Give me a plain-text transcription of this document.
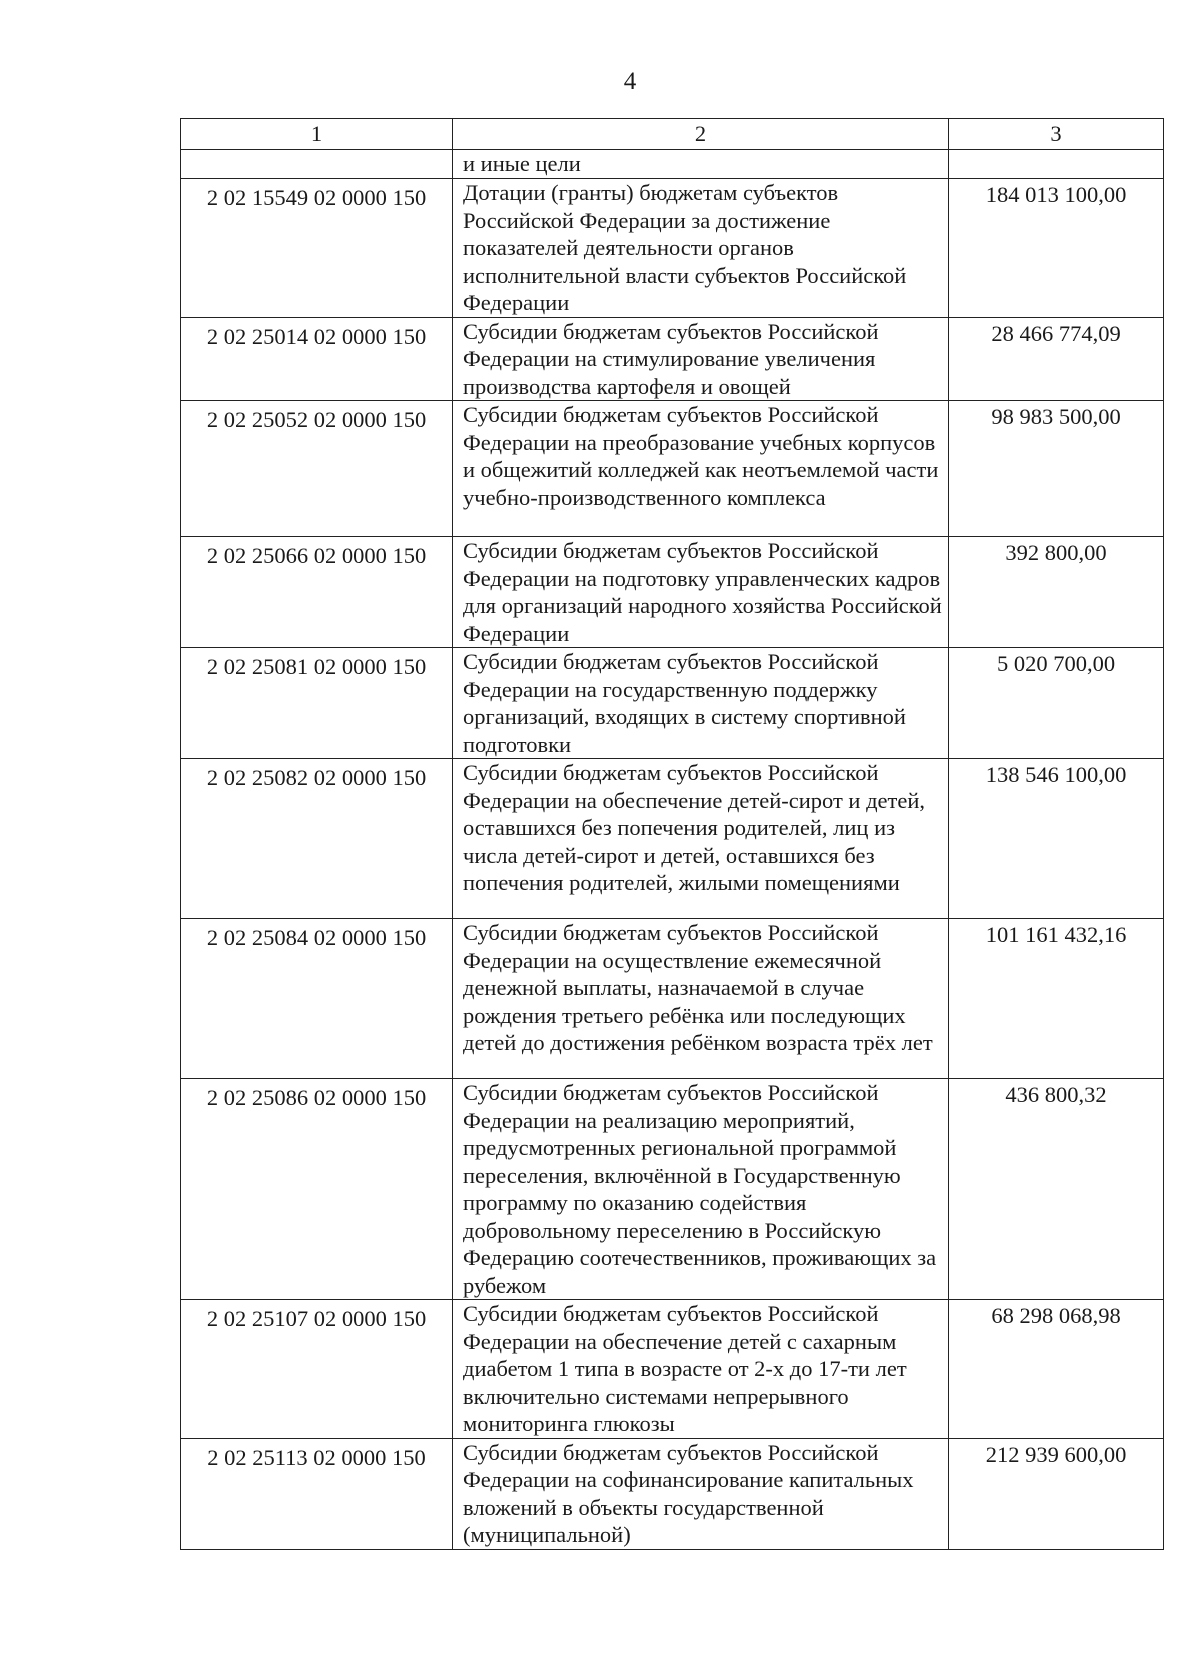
4
1	2	3
	и иные цели	
2 02 15549 02 0000 150	Дотации (гранты) бюджетам субъектов Российской Федерации за достижение показателей деятельности органов исполнительной власти субъектов Российской Федерации	184 013 100,00
2 02 25014 02 0000 150	Субсидии бюджетам субъектов Российской Федерации на стимулирование увеличения производства картофеля и овощей	28 466 774,09
2 02 25052 02 0000 150	Субсидии бюджетам субъектов Российской Федерации на преобразование учебных корпусов и общежитий колледжей как неотъемлемой части учебно-производственного комплекса	98 983 500,00
2 02 25066 02 0000 150	Субсидии бюджетам субъектов Российской Федерации на подготовку управленческих кадров для организаций народного хозяйства Российской Федерации	392 800,00
2 02 25081 02 0000 150	Субсидии бюджетам субъектов Российской Федерации на государственную поддержку организаций, входящих в систему спортивной подготовки	5 020 700,00
2 02 25082 02 0000 150	Субсидии бюджетам субъектов Российской Федерации на обеспечение детей-сирот и детей, оставшихся без попечения родителей, лиц из числа детей-сирот и детей, оставшихся без попечения родителей, жилыми помещениями	138 546 100,00
2 02 25084 02 0000 150	Субсидии бюджетам субъектов Российской Федерации на осуществление ежемесячной денежной выплаты, назначаемой в случае рождения третьего ребёнка или последующих детей до достижения ребёнком возраста трёх лет	101 161 432,16
2 02 25086 02 0000 150	Субсидии бюджетам субъектов Российской Федерации на реализацию мероприятий, предусмотренных региональной программой переселения, включённой в Государственную программу по оказанию содействия добровольному переселению в Российскую Федерацию соотечественников, проживающих за рубежом	436 800,32
2 02 25107 02 0000 150	Субсидии бюджетам субъектов Российской Федерации на обеспечение детей с сахарным диабетом 1 типа в возрасте от 2-х до 17-ти лет включительно системами непрерывного мониторинга глюкозы	68 298 068,98
2 02 25113 02 0000 150	Субсидии бюджетам субъектов Российской Федерации на софинансирование капитальных вложений в объекты государственной (муниципальной)	212 939 600,00
